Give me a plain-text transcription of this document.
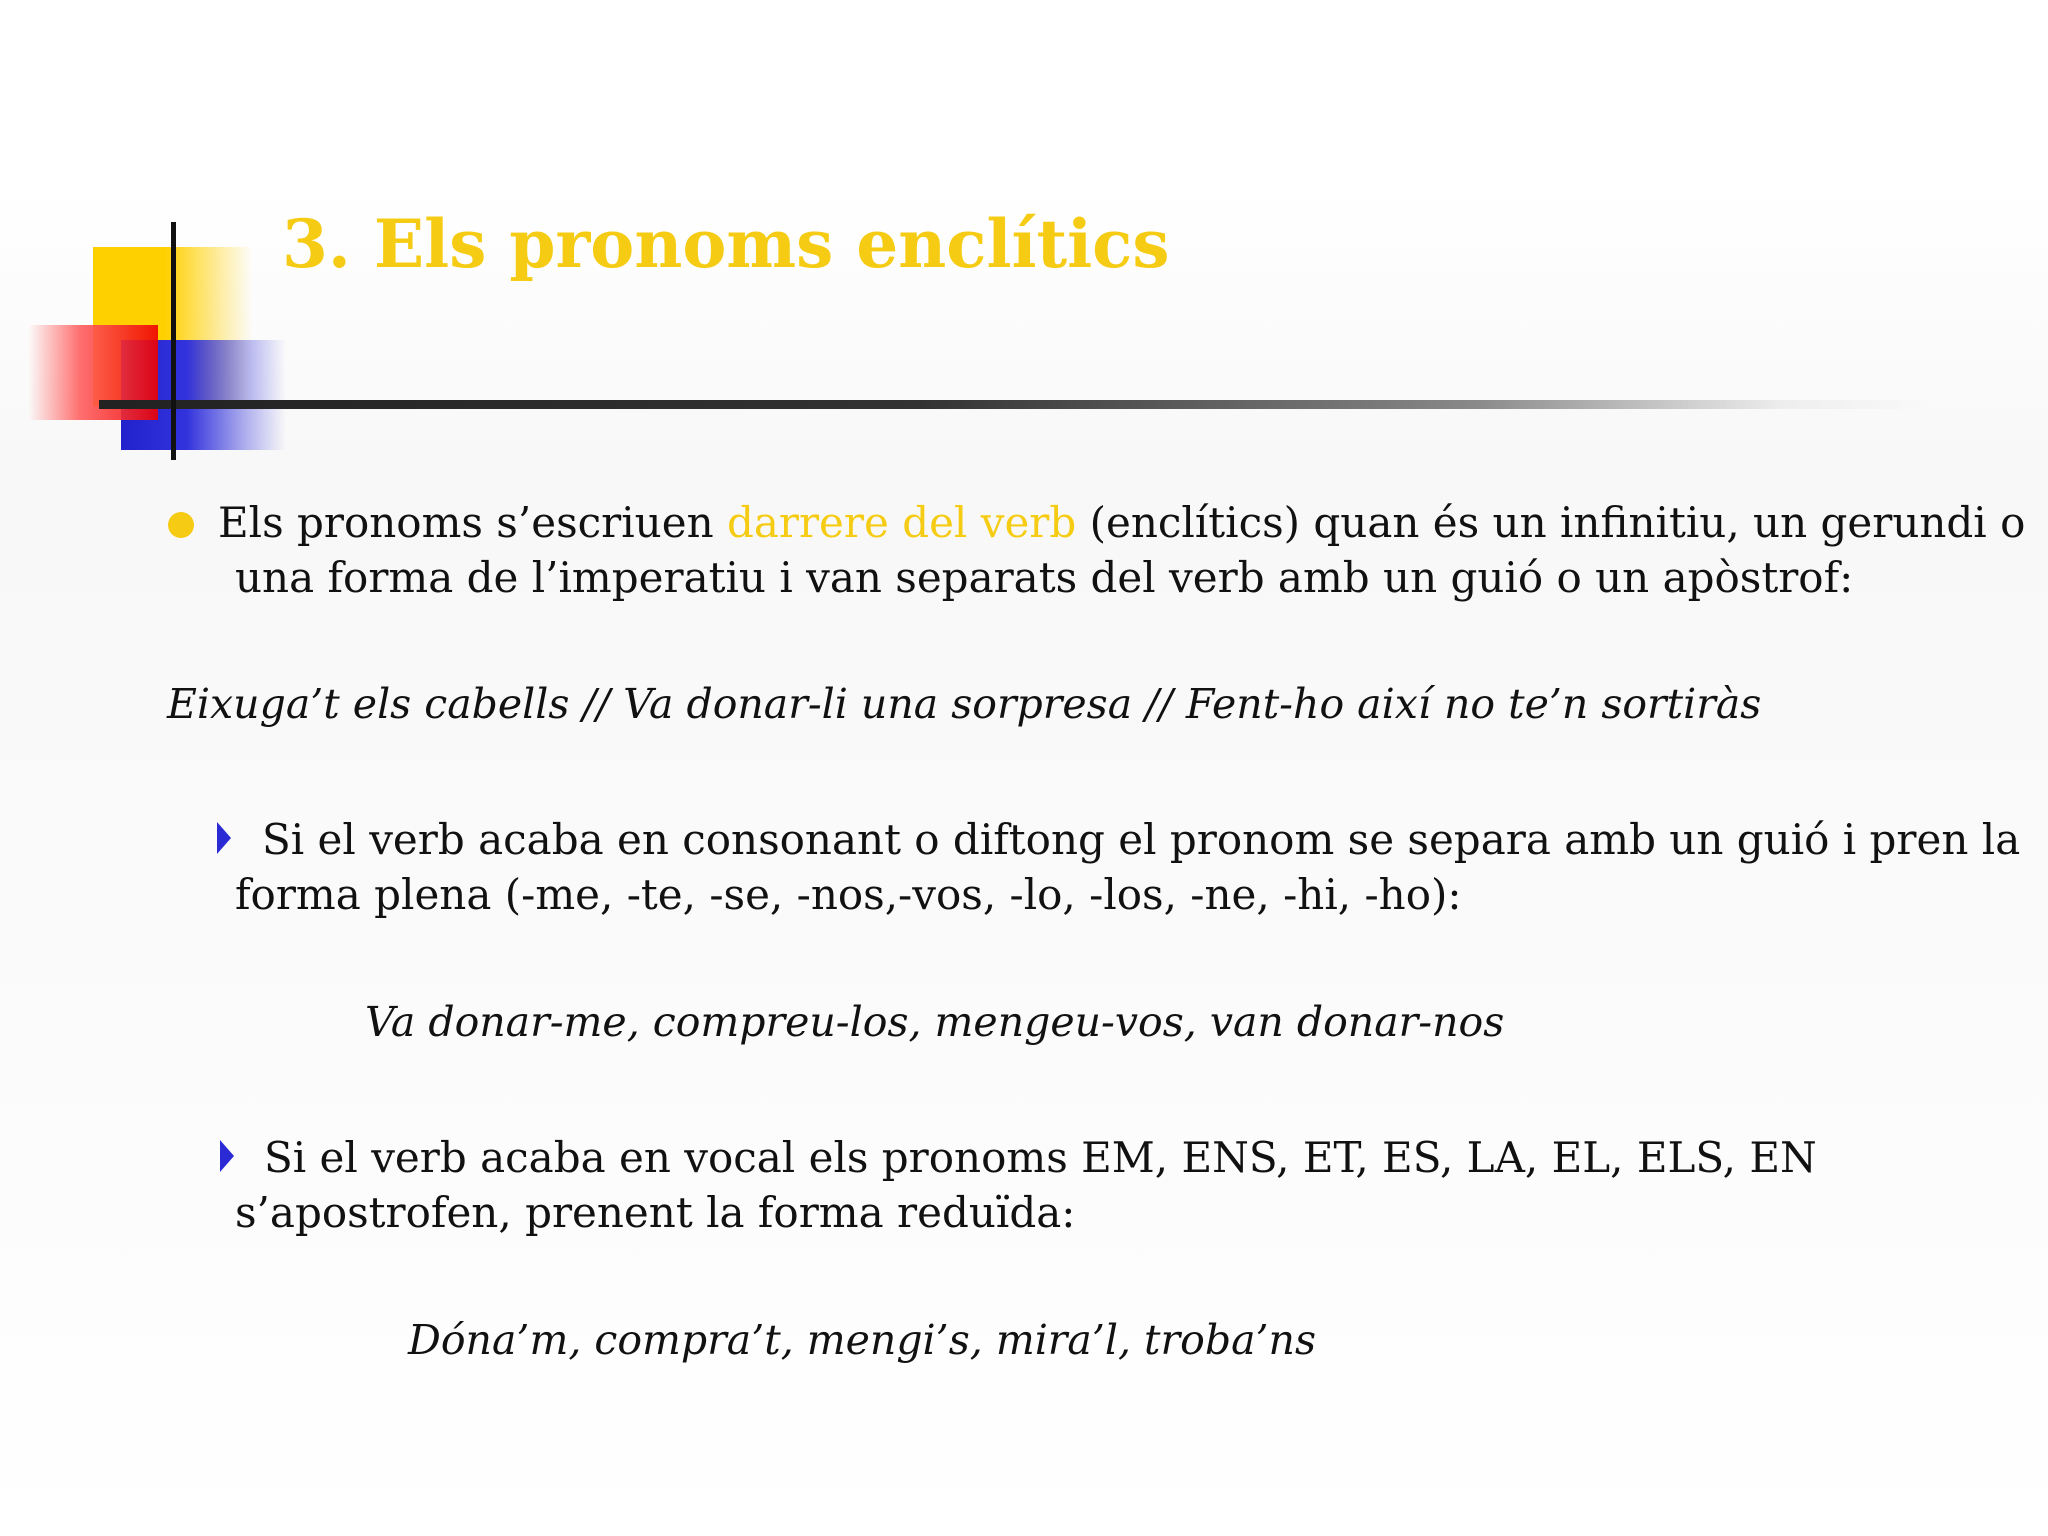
3. Els pronoms enclítics
Els pronoms s’escriuen darrere del verb (enclítics) quan és un infinitiu, un gerundi o
una forma de l’imperatiu i van separats del verb amb un guió o un apòstrof:
Eixuga’t els cabells // Va donar-li una sorpresa // Fent-ho així no te’n sortiràs
Si el verb acaba en consonant o diftong el pronom se separa amb un guió i pren la
forma plena (-me, -te, -se, -nos,-vos, -lo, -los, -ne, -hi, -ho):
Va donar-me, compreu-los, mengeu-vos, van donar-nos
Si el verb acaba en vocal els pronoms EM, ENS, ET, ES, LA, EL, ELS, EN
s’apostrofen, prenent la forma reduïda:
Dóna’m, compra’t, mengi’s, mira’l, troba’ns
